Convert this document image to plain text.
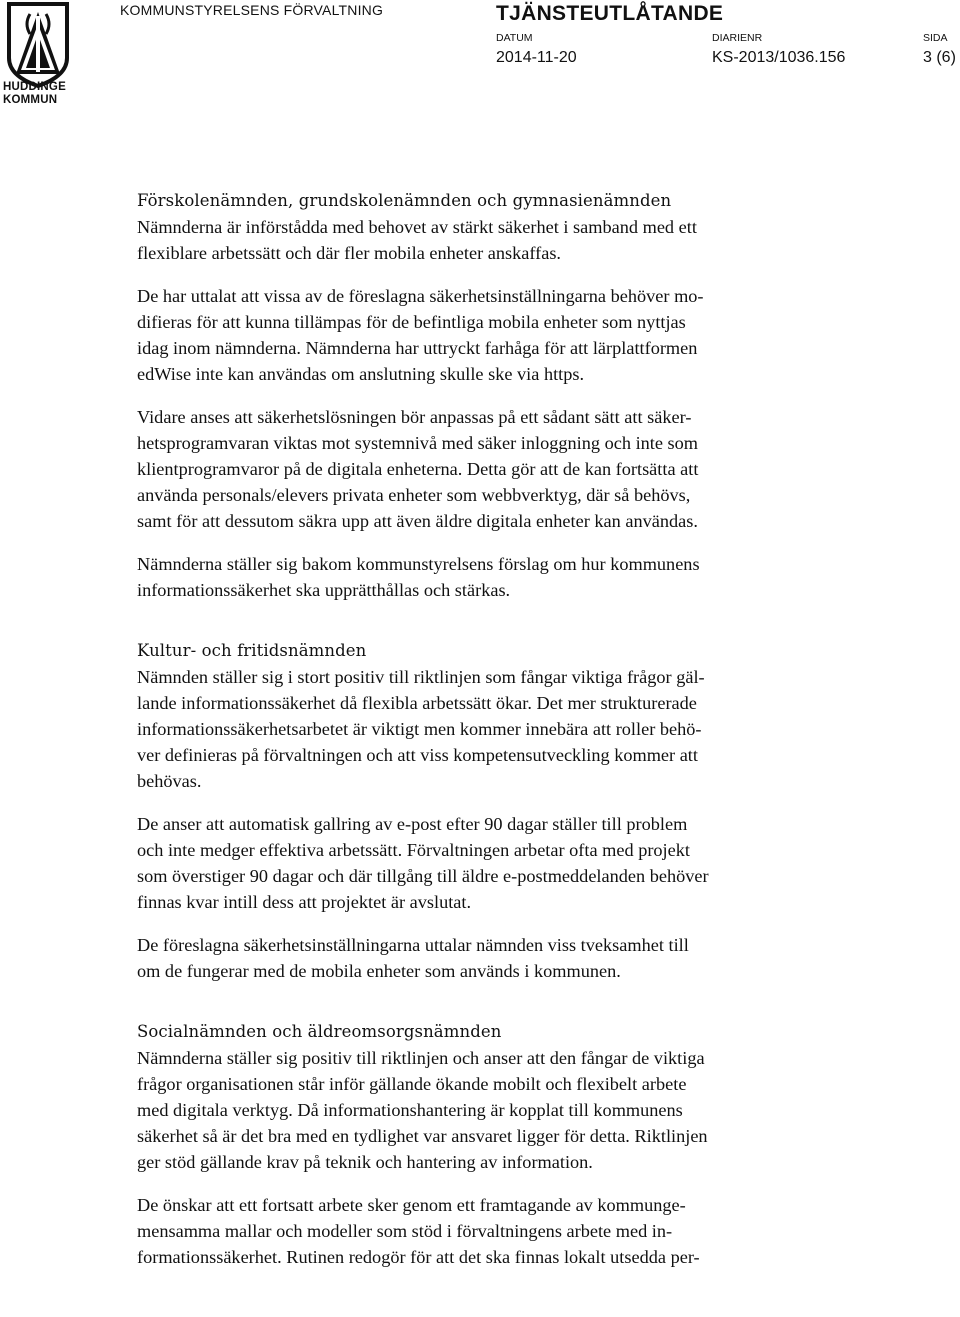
HUDDINGE
KOMMUN
KOMMUNSTYRELSENS FÖRVALTNING	TJÄNSTEUTLÅTANDE
DATUM
2014-11-20
DIARIENR
KS-2013/1036.156
SIDA
3 (6)
Förskolenämnden, grundskolenämnden och gymnasienämnden

Nämnderna är införstådda med behovet av stärkt säkerhet i samband med ett
flexiblare arbetssätt och där fler mobila enheter anskaffas.

De har uttalat att vissa av de föreslagna säkerhetsinställningarna behöver mo-
difieras för att kunna tillämpas för de befintliga mobila enheter som nyttjas
idag inom nämnderna. Nämnderna har uttryckt farhåga för att lärplattformen
edWise inte kan användas om anslutning skulle ske via https.

Vidare anses att säkerhetslösningen bör anpassas på ett sådant sätt att säker-
hetsprogramvaran viktas mot systemnivå med säker inloggning och inte som
klientprogramvaror på de digitala enheterna. Detta gör att de kan fortsätta att
använda personals/elevers privata enheter som webbverktyg, där så behövs,
samt för att dessutom säkra upp att även äldre digitala enheter kan användas.

Nämnderna ställer sig bakom kommunstyrelsens förslag om hur kommunens
informationssäkerhet ska upprätthållas och stärkas.

Kultur- och fritidsnämnden

Nämnden ställer sig i stort positiv till riktlinjen som fångar viktiga frågor gäl-
lande informationssäkerhet då flexibla arbetssätt ökar. Det mer strukturerade
informationssäkerhetsarbetet är viktigt men kommer innebära att roller behö-
ver definieras på förvaltningen och att viss kompetensutveckling kommer att
behövas.

De anser att automatisk gallring av e-post efter 90 dagar ställer till problem
och inte medger effektiva arbetssätt. Förvaltningen arbetar ofta med projekt
som överstiger 90 dagar och där tillgång till äldre e-postmeddelanden behöver
finnas kvar intill dess att projektet är avslutat.

De föreslagna säkerhetsinställningarna uttalar nämnden viss tveksamhet till
om de fungerar med de mobila enheter som används i kommunen.

Socialnämnden och äldreomsorgsnämnden

Nämnderna ställer sig positiv till riktlinjen och anser att den fångar de viktiga
frågor organisationen står inför gällande ökande mobilt och flexibelt arbete
med digitala verktyg. Då informationshantering är kopplat till kommunens
säkerhet så är det bra med en tydlighet var ansvaret ligger för detta. Riktlinjen
ger stöd gällande krav på teknik och hantering av information.

De önskar att ett fortsatt arbete sker genom ett framtagande av kommunge-
mensamma mallar och modeller som stöd i förvaltningens arbete med in-
formationssäkerhet. Rutinen redogör för att det ska finnas lokalt utsedda per-
